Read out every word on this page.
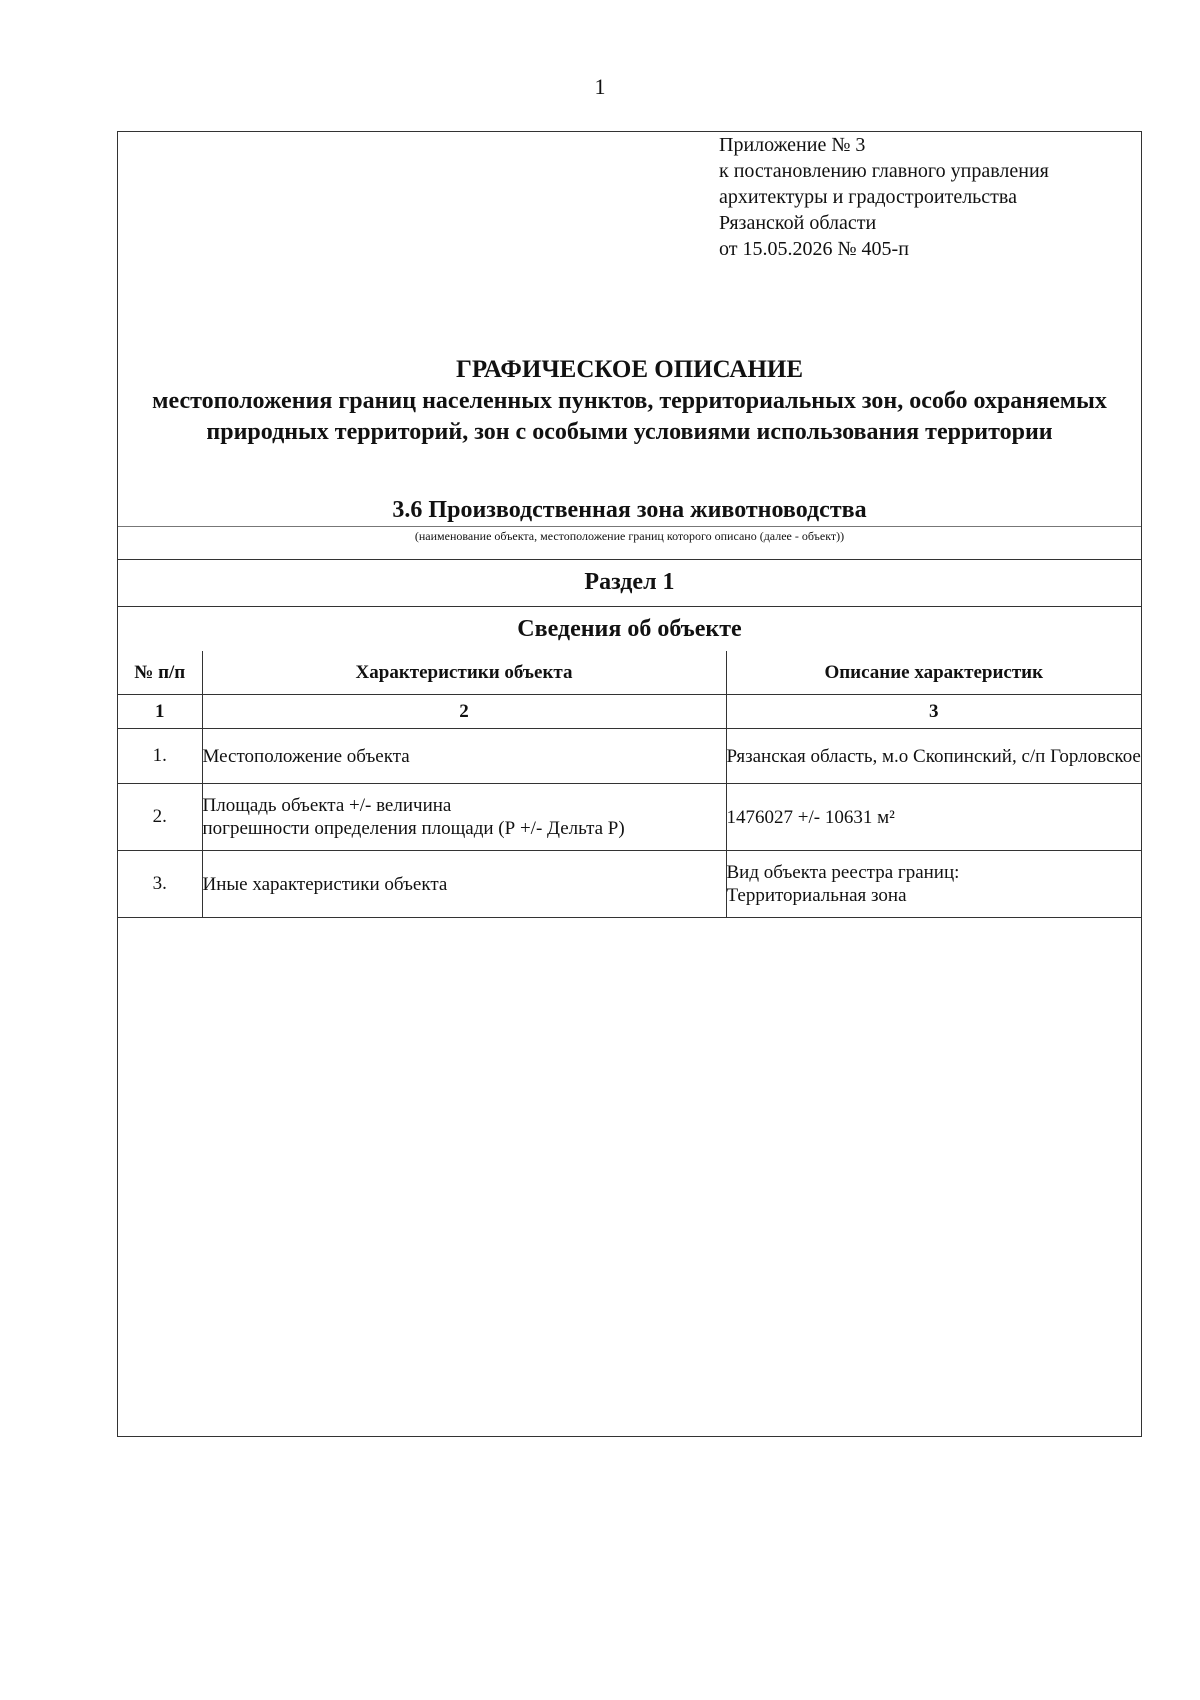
1
Приложение № 3
к постановлению главного управления
архитектуры и градостроительства
Рязанской области
от 15.05.2026 № 405-п
ГРАФИЧЕСКОЕ ОПИСАНИЕ
местоположения границ населенных пунктов, территориальных зон, особо охраняемых природных территорий, зон с особыми условиями использования территории
3.6 Производственная зона животноводства
(наименование объекта, местоположение границ которого описано (далее - объект))
Раздел 1
Сведения об объекте
№ п/п	Характеристики объекта	Описание характеристик
1	2	3
1.	Местоположение объекта	Рязанская область, м.о Скопинский, с/п Горловское
2.	Площадь объекта +/- величина
погрешности определения площади (Р +/- Дельта Р)	1476027 +/- 10631 м²
3.	Иные характеристики объекта	Вид объекта реестра границ:
Территориальная зона
